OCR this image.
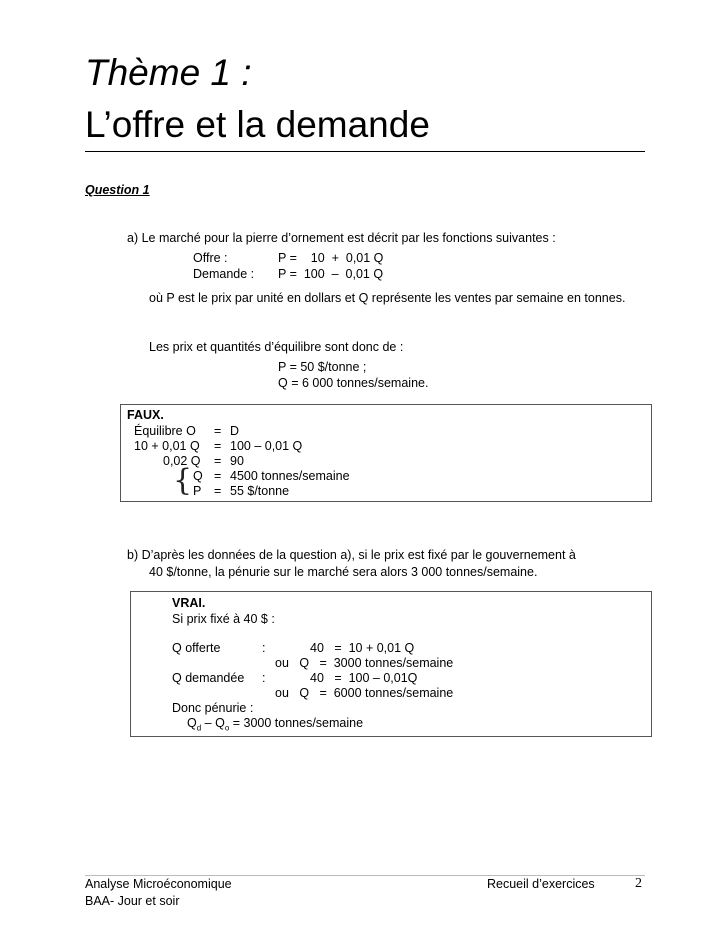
Thème 1 :
L’offre et la demande
Question 1
a) Le marché pour la pierre d’ornement est décrit par les fonctions suivantes :
Offre :	P =    10  +  0,01 Q
Demande : P =  100  –  0,01 Q
où P est le prix par unité en dollars et Q représente les ventes par semaine en tonnes.
Les prix et quantités d’équilibre sont donc de :
P = 50 $/tonne ;
Q = 6 000 tonnes/semaine.
FAUX.
Équilibre O = D
10 + 0,01 Q = 100 – 0,01 Q
0,02 Q = 90
{ Q = 4500 tonnes/semaine
P = 55 $/tonne
b) D’après les données de la question a), si le prix est fixé par le gouvernement à
40 $/tonne, la pénurie sur le marché sera alors 3 000 tonnes/semaine.
VRAI.
Si prix fixé à 40 $ :
Q offerte	:	40   =  10 + 0,01 Q
ou   Q   =  3000 tonnes/semaine
Q demandée :	40   =  100 – 0,01Q
ou   Q   =  6000 tonnes/semaine
Donc pénurie :
$Q_d - Q_o = 3000$ tonnes/semaine
Analyse Microéconomique
BAA- Jour et soir
Recueil d’exercices	2
